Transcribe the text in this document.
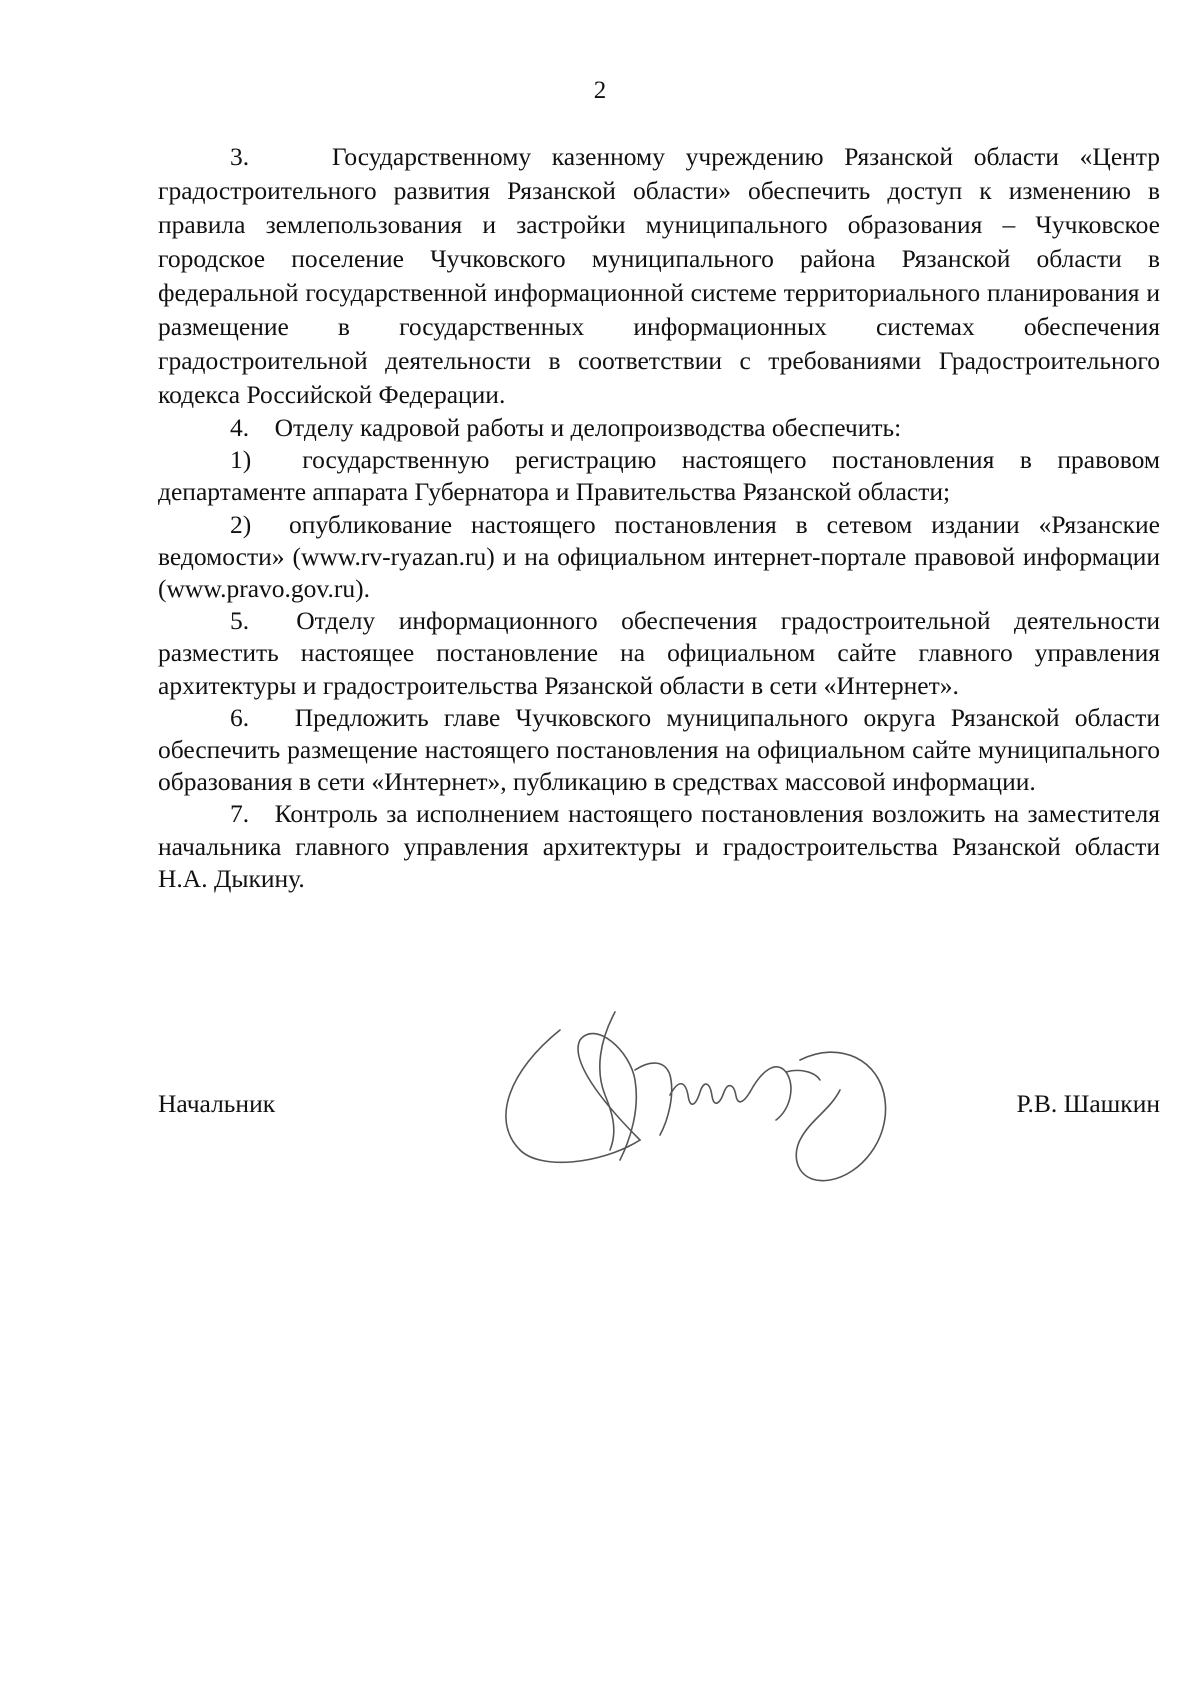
2

3.    Государственному казенному учреждению Рязанской области «Центр градостроительного развития Рязанской области» обеспечить доступ к изменению в правила землепользования и застройки муниципального образования – Чучковское городское поселение Чучковского муниципального района Рязанской области в федеральной государственной информационной системе территориального планирования и размещение в государственных информационных системах обеспечения градостроительной деятельности в соответствии с требованиями Градостроительного кодекса Российской Федерации.

4.    Отделу кадровой работы и делопроизводства обеспечить:

1)  государственную регистрацию настоящего постановления в правовом департаменте аппарата Губернатора и Правительства Рязанской области;

2)  опубликование настоящего постановления в сетевом издании «Рязанские ведомости» (www.rv-ryazan.ru) и на официальном интернет-портале правовой информации (www.pravo.gov.ru).

5.  Отделу информационного обеспечения градостроительной деятельности разместить настоящее постановление на официальном сайте главного управления архитектуры и градостроительства Рязанской области в сети «Интернет».

6.   Предложить главе Чучковского муниципального округа Рязанской области обеспечить размещение настоящего постановления на официальном сайте муниципального образования в сети «Интернет», публикацию в средствах массовой информации.

7.   Контроль за исполнением настоящего постановления возложить на заместителя начальника главного управления архитектуры и градостроительства Рязанской области Н.А. Дыкину.

Начальник	Р.В. Шашкин
